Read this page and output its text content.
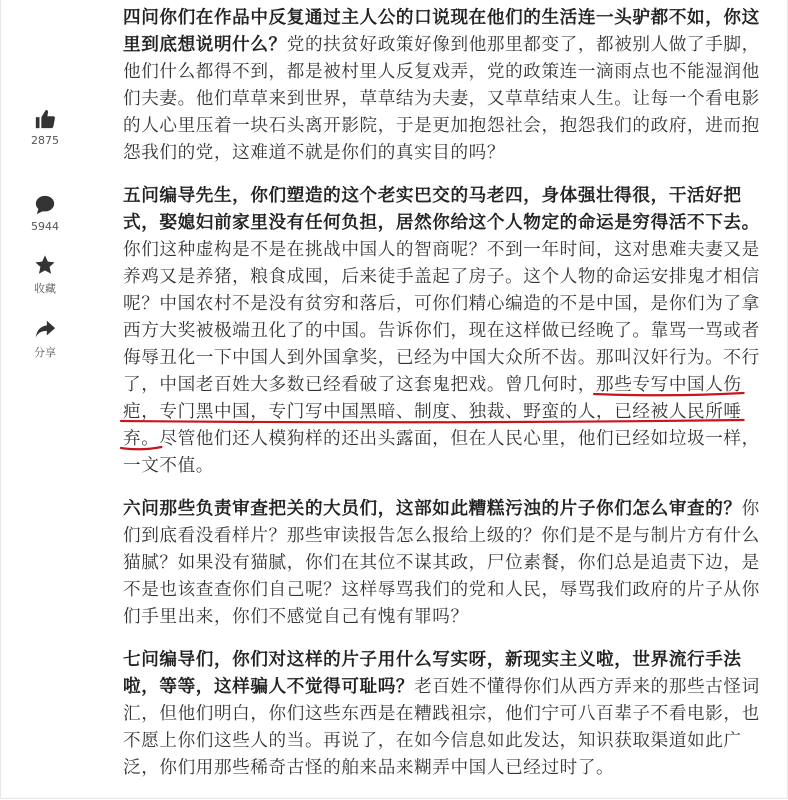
2875
5944
收藏
分享

四问你们在作品中反复通过主人公的口说现在他们的生活连一头驴都不如，你这里到底想说明什么？党的扶贫好政策好像到他那里都变了，都被别人做了手脚，他们什么都得不到，都是被村里人反复戏弄，党的政策连一滴雨点也不能湿润他们夫妻。他们草草来到世界，草草结为夫妻，又草草结束人生。让每一个看电影的人心里压着一块石头离开影院，于是更加抱怨社会，抱怨我们的政府，进而抱怨我们的党，这难道不就是你们的真实目的吗？

五问编导先生，你们塑造的这个老实巴交的马老四，身体强壮得很，干活好把式，娶媳妇前家里没有任何负担，居然你给这个人物定的命运是穷得活不下去。你们这种虚构是不是在挑战中国人的智商呢？不到一年时间，这对患难夫妻又是养鸡又是养猪，粮食成囤，后来徒手盖起了房子。这个人物的命运安排鬼才相信呢？中国农村不是没有贫穷和落后，可你们精心编造的不是中国，是你们为了拿西方大奖被极端丑化了的中国。告诉你们，现在这样做已经晚了。靠骂一骂或者侮辱丑化一下中国人到外国拿奖，已经为中国大众所不齿。那叫汉奸行为。不行了，中国老百姓大多数已经看破了这套鬼把戏。曾几何时，那些专写中国人伤疤，专门黑中国，专门写中国黑暗、制度、独裁、野蛮的人，已经被人民所唾弃。尽管他们还人模狗样的还出头露面，但在人民心里，他们已经如垃圾一样，一文不值。

六问那些负责审查把关的大员们，这部如此糟糕污浊的片子你们怎么审查的？你们到底看没看样片？那些审读报告怎么报给上级的？你们是不是与制片方有什么猫腻？如果没有猫腻，你们在其位不谋其政，尸位素餐，你们总是追责下边，是不是也该查查你们自己呢？这样辱骂我们的党和人民，辱骂我们政府的片子从你们手里出来，你们不感觉自己有愧有罪吗？

七问编导们，你们对这样的片子用什么写实呀，新现实主义啦，世界流行手法啦，等等，这样骗人不觉得可耻吗？老百姓不懂得你们从西方弄来的那些古怪词汇，但他们明白，你们这些东西是在糟践祖宗，他们宁可八百辈子不看电影，也不愿上你们这些人的当。再说了，在如今信息如此发达，知识获取渠道如此广泛，你们用那些稀奇古怪的舶来品来糊弄中国人已经过时了。
